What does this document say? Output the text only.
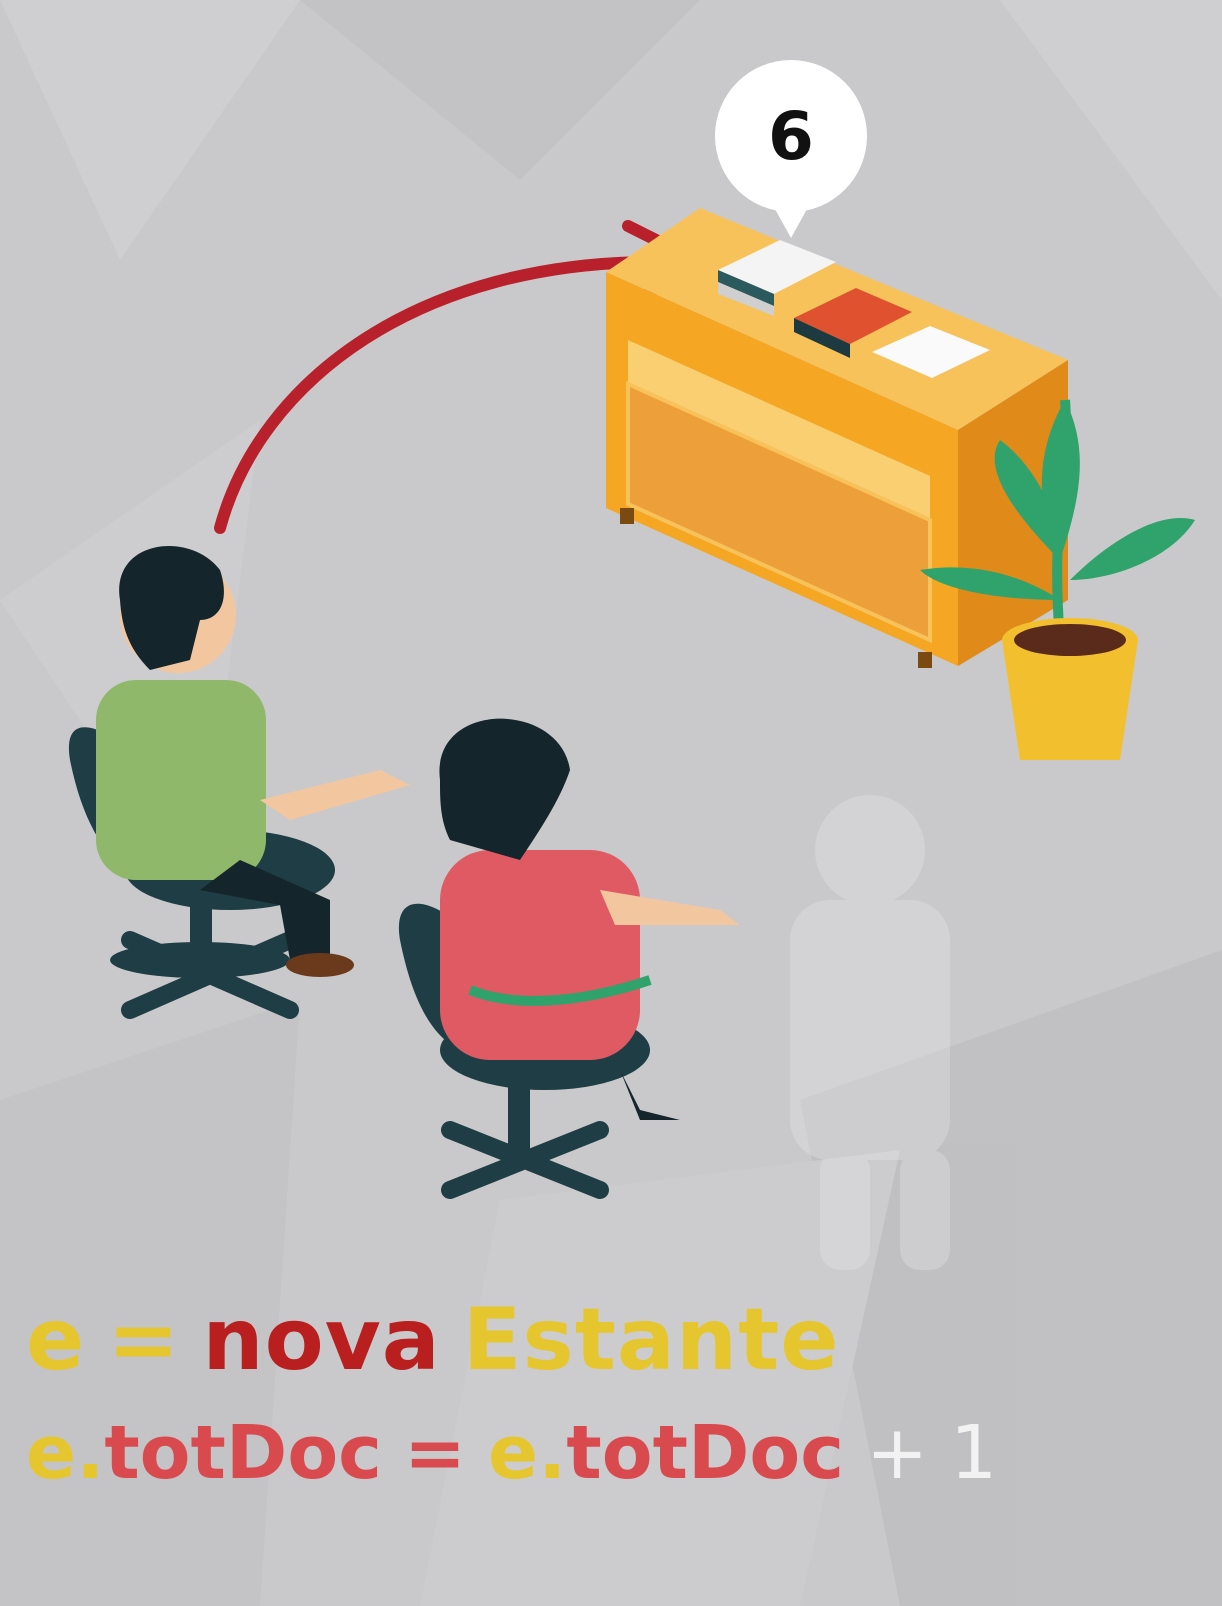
6
e = nova Estante
e.totDoc = e.totDoc + 1
